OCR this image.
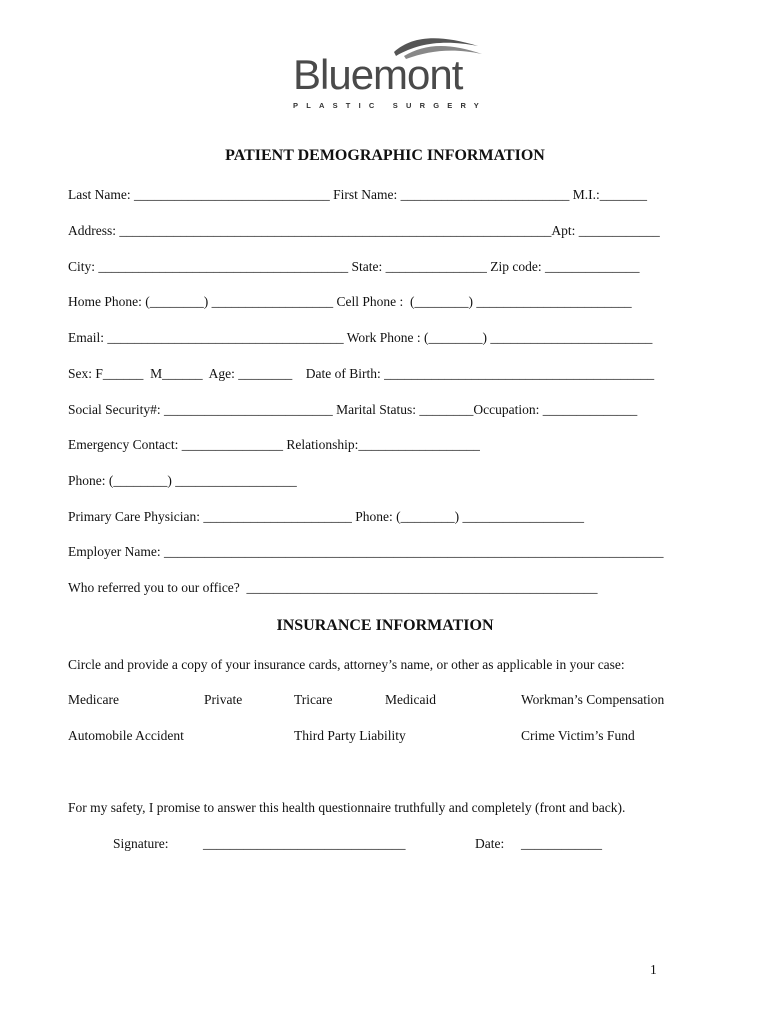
Bluemont
PLASTIC SURGERY
PATIENT DEMOGRAPHIC INFORMATION
Last Name: _____________________________ First Name: _________________________ M.I.:_______
Address: ________________________________________________________________Apt: ____________
City: _____________________________________ State: _______________ Zip code: ______________
Home Phone: (________) __________________ Cell Phone :  (________) _______________________
Email: ___________________________________ Work Phone : (________) ________________________
Sex: F______  M______  Age: ________    Date of Birth: ________________________________________
Social Security#: _________________________ Marital Status: ________Occupation: ______________
Emergency Contact: _______________ Relationship:__________________
Phone: (________) __________________
Primary Care Physician: ______________________ Phone: (________) __________________
Employer Name: __________________________________________________________________________
Who referred you to our office?  ____________________________________________________
INSURANCE INFORMATION
Circle and provide a copy of your insurance cards, attorney’s name, or other as applicable in your case:
Medicare	Private	Tricare	Medicaid	Workman’s Compensation
Automobile Accident	Third Party Liability	Crime Victim’s Fund
For my safety, I promise to answer this health questionnaire truthfully and completely (front and back).
Signature:	______________________________	Date: ____________
1
